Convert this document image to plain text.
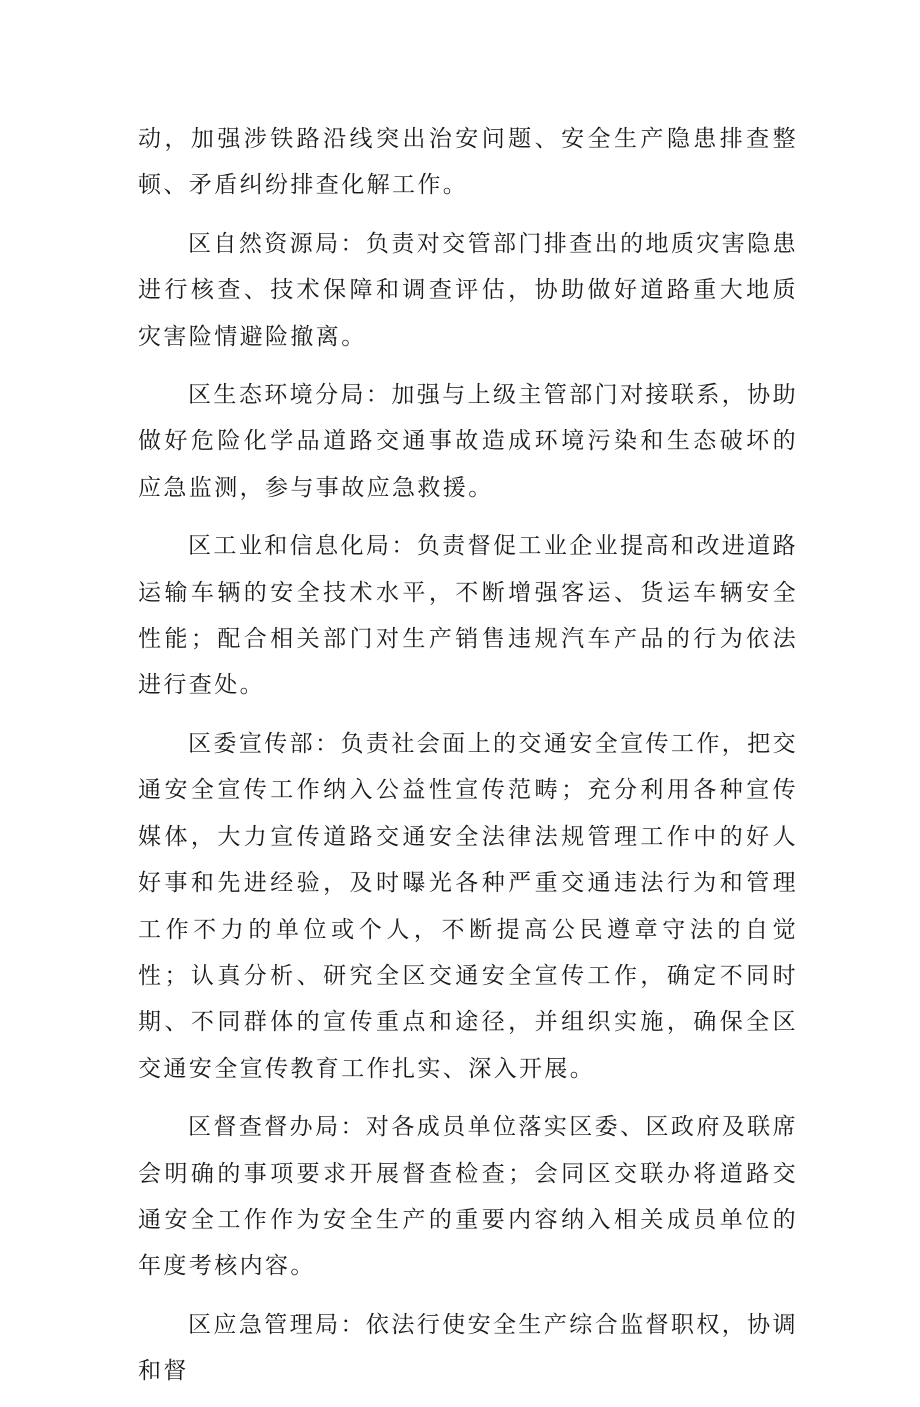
动，加强涉铁路沿线突出治安问题、安全生产隐患排查整顿、矛盾纠纷排查化解工作。

区自然资源局：负责对交管部门排查出的地质灾害隐患进行核查、技术保障和调查评估，协助做好道路重大地质灾害险情避险撤离。

区生态环境分局：加强与上级主管部门对接联系，协助做好危险化学品道路交通事故造成环境污染和生态破坏的应急监测，参与事故应急救援。

区工业和信息化局：负责督促工业企业提高和改进道路运输车辆的安全技术水平，不断增强客运、货运车辆安全性能；配合相关部门对生产销售违规汽车产品的行为依法进行查处。

区委宣传部：负责社会面上的交通安全宣传工作，把交通安全宣传工作纳入公益性宣传范畴；充分利用各种宣传媒体，大力宣传道路交通安全法律法规管理工作中的好人好事和先进经验，及时曝光各种严重交通违法行为和管理工作不力的单位或个人，不断提高公民遵章守法的自觉性；认真分析、研究全区交通安全宣传工作，确定不同时期、不同群体的宣传重点和途径，并组织实施，确保全区交通安全宣传教育工作扎实、深入开展。

区督查督办局：对各成员单位落实区委、区政府及联席会明确的事项要求开展督查检查；会同区交联办将道路交通安全工作作为安全生产的重要内容纳入相关成员单位的年度考核内容。

区应急管理局：依法行使安全生产综合监督职权，协调和督
